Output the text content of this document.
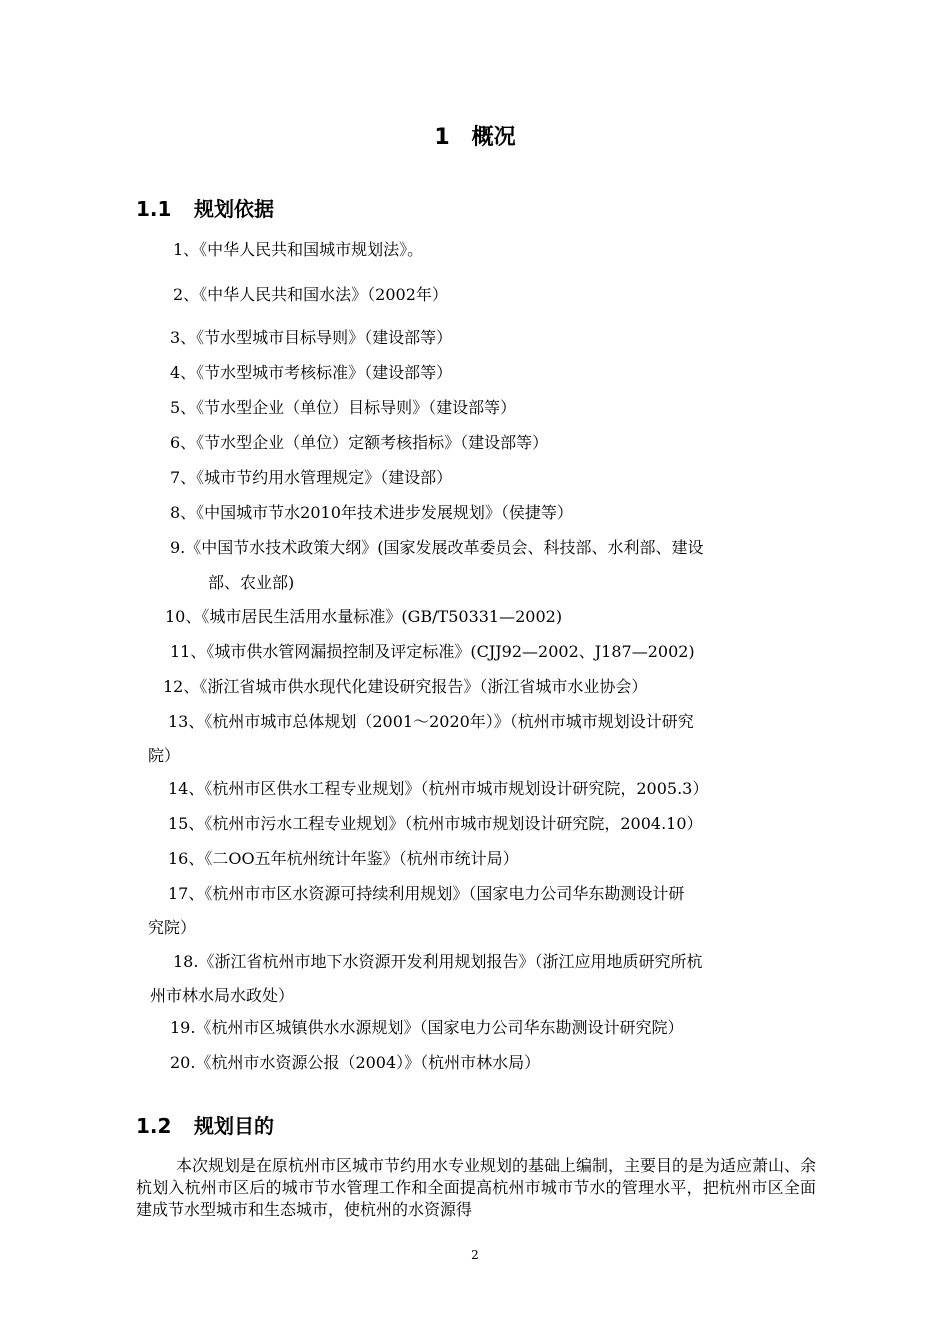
1 概况
1.1 规划依据
1、《中华人民共和国城市规划法》。
2、《中华人民共和国水法》（2002年）
3、《节水型城市目标导则》（建设部等）
4、《节水型城市考核标准》（建设部等）
5、《节水型企业（单位）目标导则》（建设部等）
6、《节水型企业（单位）定额考核指标》（建设部等）
7、《城市节约用水管理规定》（建设部）
8、《中国城市节水2010年技术进步发展规划》（侯捷等）
9.《中国节水技术政策大纲》(国家发展改革委员会、科技部、水利部、建设
部、农业部)
10、《城市居民生活用水量标准》(GB/T50331—2002)
11、《城市供水管网漏损控制及评定标准》(CJJ92—2002、J187—2002)
12、《浙江省城市供水现代化建设研究报告》（浙江省城市水业协会）
13、《杭州市城市总体规划（2001～2020年）》（杭州市城市规划设计研究
院）
14、《杭州市区供水工程专业规划》（杭州市城市规划设计研究院，2005.3）
15、《杭州市污水工程专业规划》（杭州市城市规划设计研究院，2004.10）
16、《二OO五年杭州统计年鉴》（杭州市统计局）
17、《杭州市市区水资源可持续利用规划》（国家电力公司华东勘测设计研
究院）
18.《浙江省杭州市地下水资源开发利用规划报告》（浙江应用地质研究所杭
州市林水局水政处）
19.《杭州市区城镇供水水源规划》（国家电力公司华东勘测设计研究院）
20.《杭州市水资源公报（2004）》（杭州市林水局）
1.2 规划目的
本次规划是在原杭州市区城市节约用水专业规划的基础上编制，主要目的是为适应萧山、余杭划入杭州市区后的城市节水管理工作和全面提高杭州市城市节水的管理水平，把杭州市区全面建成节水型城市和生态城市，使杭州的水资源得
2
